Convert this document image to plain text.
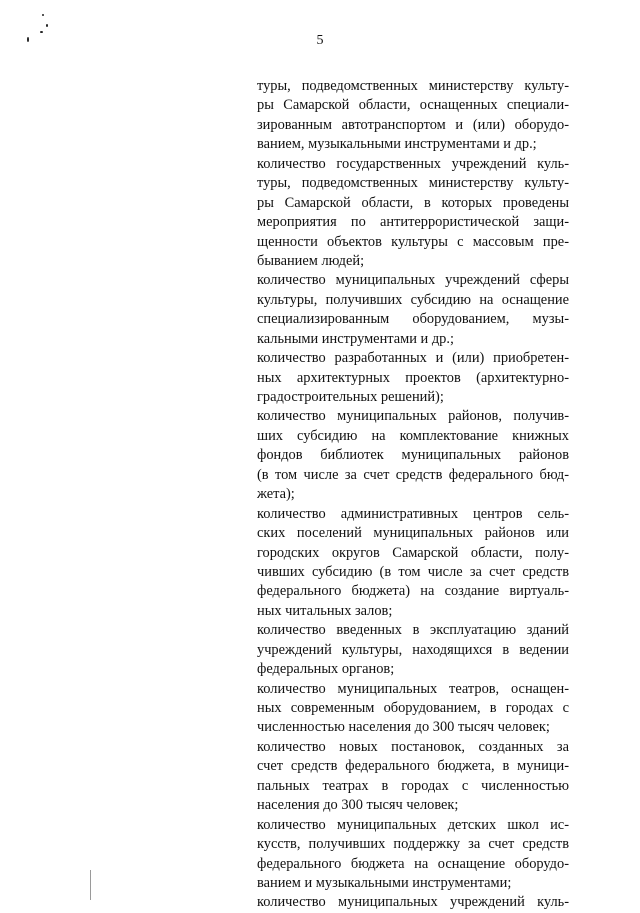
5
туры, подведомственных министерству культу-
ры Самарской области, оснащенных специали-
зированным автотранспортом и (или) оборудо-
ванием, музыкальными инструментами и др.;
количество государственных учреждений куль-
туры, подведомственных министерству культу-
ры Самарской области, в которых проведены
мероприятия по антитеррористической защи-
щенности объектов культуры с массовым пре-
быванием людей;
количество муниципальных учреждений сферы
культуры, получивших субсидию на оснащение
специализированным оборудованием, музы-
кальными инструментами и др.;
количество разработанных и (или) приобретен-
ных архитектурных проектов (архитектурно-
градостроительных решений);
количество муниципальных районов, получив-
ших субсидию на комплектование книжных
фондов библиотек муниципальных районов
(в том числе за счет средств федерального бюд-
жета);
количество административных центров сель-
ских поселений муниципальных районов или
городских округов Самарской области, полу-
чивших субсидию (в том числе за счет средств
федерального бюджета) на создание виртуаль-
ных читальных залов;
количество введенных в эксплуатацию зданий
учреждений культуры, находящихся в ведении
федеральных органов;
количество муниципальных театров, оснащен-
ных современным оборудованием, в городах с
численностью населения до 300 тысяч человек;
количество новых постановок, созданных за
счет средств федерального бюджета, в муници-
пальных театрах в городах с численностью
населения до 300 тысяч человек;
количество муниципальных детских школ ис-
кусств, получивших поддержку за счет средств
федерального бюджета на оснащение оборудо-
ванием и музыкальными инструментами;
количество муниципальных учреждений куль-
